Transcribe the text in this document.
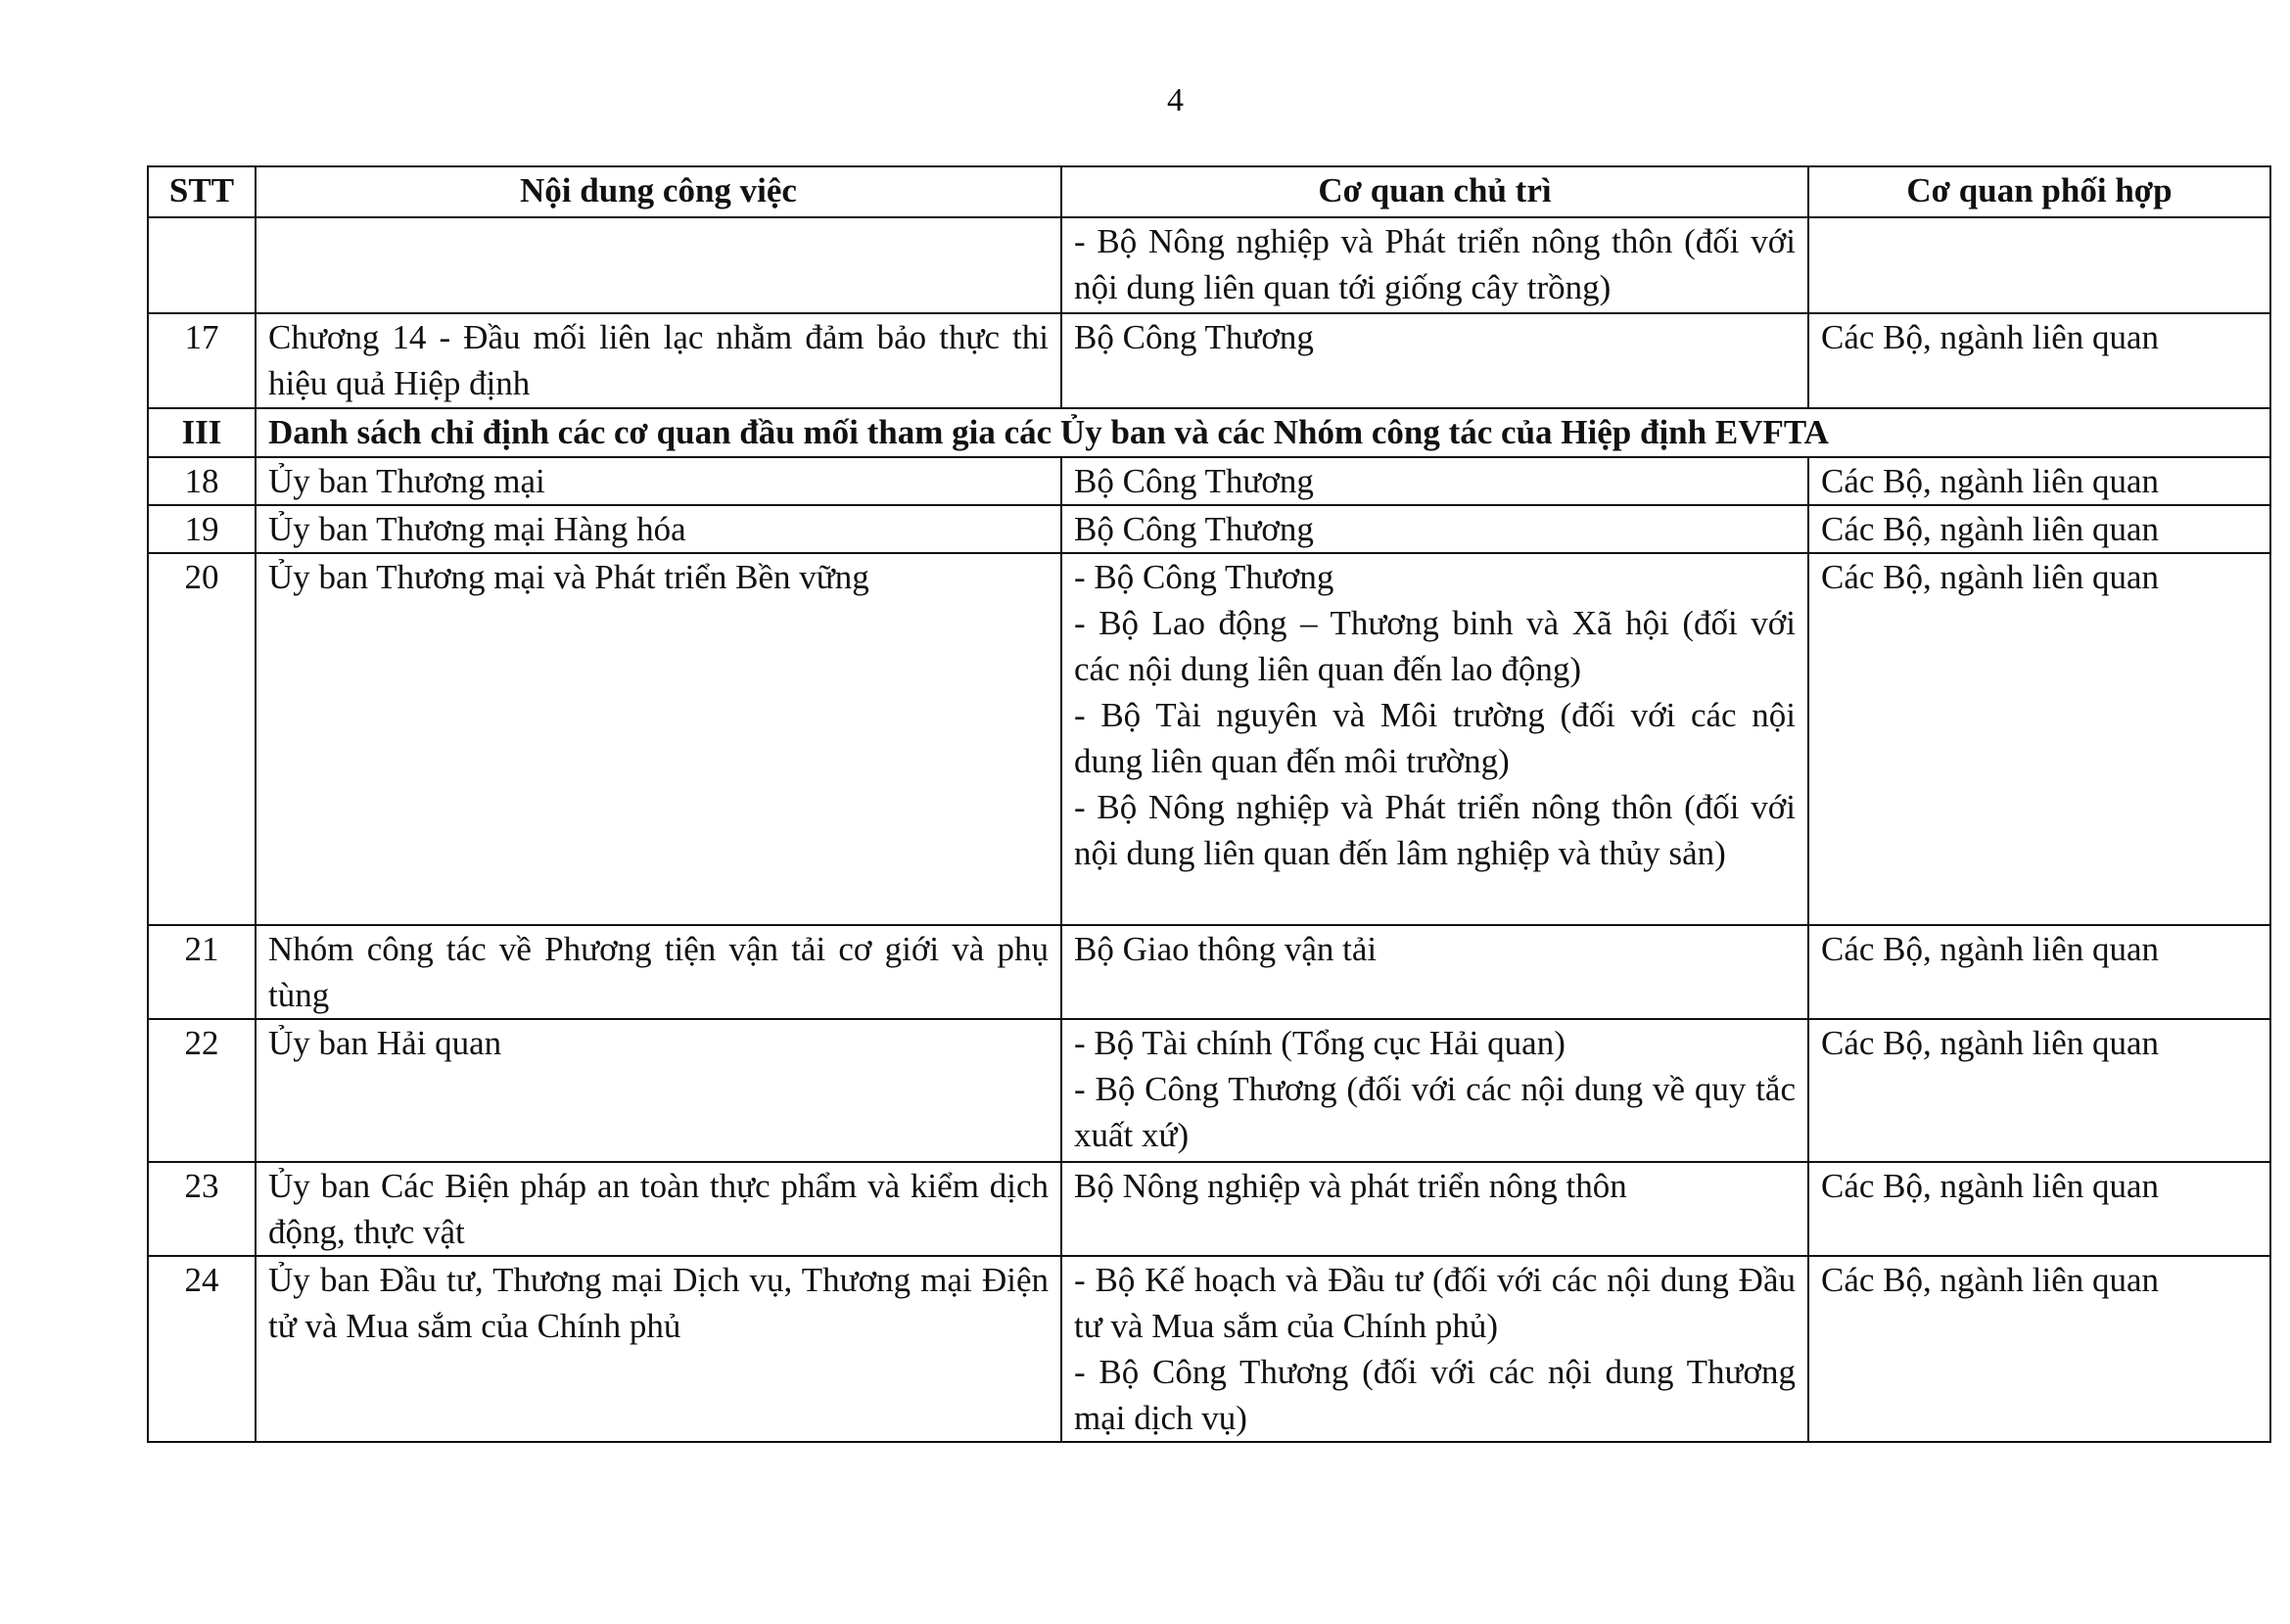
4
STT	Nội dung công việc	Cơ quan chủ trì	Cơ quan phối hợp

		- Bộ Nông nghiệp và Phát triển nông thôn (đối với nội dung liên quan tới giống cây trồng)	

17	Chương 14 - Đầu mối liên lạc nhằm đảm bảo thực thi hiệu quả Hiệp định	Bộ Công Thương	Các Bộ, ngành liên quan
III	Danh sách chỉ định các cơ quan đầu mối tham gia các Ủy ban và các Nhóm công tác của Hiệp định EVFTA		
18	Ủy ban Thương mại	Bộ Công Thương	Các Bộ, ngành liên quan
19	Ủy ban Thương mại Hàng hóa	Bộ Công Thương	Các Bộ, ngành liên quan
20	Ủy ban Thương mại và Phát triển Bền vững	- Bộ Công Thương
- Bộ Lao động – Thương binh và Xã hội (đối với các nội dung liên quan đến lao động)
- Bộ Tài nguyên và Môi trường (đối với các nội dung liên quan đến môi trường)
- Bộ Nông nghiệp và Phát triển nông thôn (đối với nội dung liên quan đến lâm nghiệp và thủy sản)	Các Bộ, ngành liên quan
21	Nhóm công tác về Phương tiện vận tải cơ giới và phụ tùng	Bộ Giao thông vận tải	Các Bộ, ngành liên quan
22	Ủy ban Hải quan	- Bộ Tài chính (Tổng cục Hải quan)
- Bộ Công Thương (đối với các nội dung về quy tắc xuất xứ)	Các Bộ, ngành liên quan
23	Ủy ban Các Biện pháp an toàn thực phẩm và kiểm dịch động, thực vật	Bộ Nông nghiệp và phát triển nông thôn	Các Bộ, ngành liên quan
24	Ủy ban Đầu tư, Thương mại Dịch vụ, Thương mại Điện tử và Mua sắm của Chính phủ	- Bộ Kế hoạch và Đầu tư (đối với các nội dung Đầu tư và Mua sắm của Chính phủ)
- Bộ Công Thương (đối với các nội dung Thương mại dịch vụ)	Các Bộ, ngành liên quan
